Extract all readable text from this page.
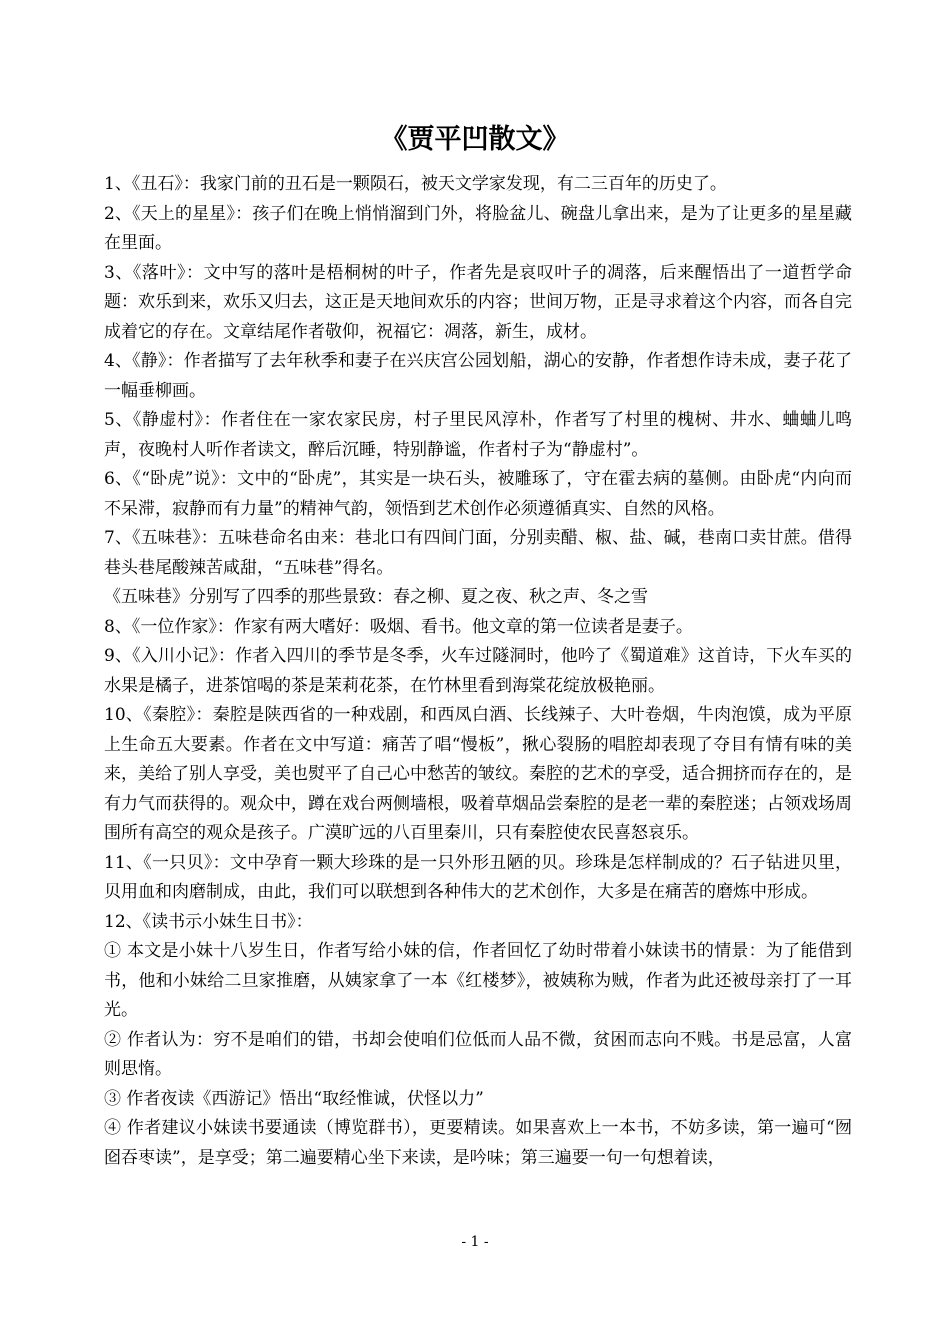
《贾平凹散文》

1、《丑石》：我家门前的丑石是一颗陨石，被天文学家发现，有二三百年的历史了。

2、《天上的星星》：孩子们在晚上悄悄溜到门外，将脸盆儿、碗盘儿拿出来，是为了让更多的星星藏在里面。

3、《落叶》：文中写的落叶是梧桐树的叶子，作者先是哀叹叶子的凋落，后来醒悟出了一道哲学命题：欢乐到来，欢乐又归去，这正是天地间欢乐的内容；世间万物，正是寻求着这个内容，而各自完成着它的存在。文章结尾作者敬仰，祝福它：凋落，新生，成材。

4、《静》：作者描写了去年秋季和妻子在兴庆宫公园划船，湖心的安静，作者想作诗未成，妻子花了一幅垂柳画。

5、《静虚村》：作者住在一家农家民房，村子里民风淳朴，作者写了村里的槐树、井水、蛐蛐儿鸣声，夜晚村人听作者读文，醉后沉睡，特别静谧，作者村子为“静虚村”。

6、《“卧虎”说》：文中的“卧虎”，其实是一块石头，被雕琢了，守在霍去病的墓侧。由卧虎“内向而不呆滞，寂静而有力量”的精神气韵，领悟到艺术创作必须遵循真实、自然的风格。

7、《五味巷》：五味巷命名由来：巷北口有四间门面，分别卖醋、椒、盐、碱，巷南口卖甘蔗。借得巷头巷尾酸辣苦咸甜，“五味巷”得名。

《五味巷》分别写了四季的那些景致：春之柳、夏之夜、秋之声、冬之雪

8、《一位作家》：作家有两大嗜好：吸烟、看书。他文章的第一位读者是妻子。

9、《入川小记》：作者入四川的季节是冬季，火车过隧洞时，他吟了《蜀道难》这首诗，下火车买的水果是橘子，进茶馆喝的茶是茉莉花茶，在竹林里看到海棠花绽放极艳丽。

10、《秦腔》：秦腔是陕西省的一种戏剧，和西凤白酒、长线辣子、大叶卷烟，牛肉泡馍，成为平原上生命五大要素。作者在文中写道：痛苦了唱“慢板”，揪心裂肠的唱腔却表现了夺目有情有味的美来，美给了别人享受，美也熨平了自己心中愁苦的皱纹。秦腔的艺术的享受，适合拥挤而存在的，是有力气而获得的。观众中，蹲在戏台两侧墙根，吸着草烟品尝秦腔的是老一辈的秦腔迷；占领戏场周围所有高空的观众是孩子。广漠旷远的八百里秦川，只有秦腔使农民喜怒哀乐。

11、《一只贝》：文中孕育一颗大珍珠的是一只外形丑陋的贝。珍珠是怎样制成的？石子钻进贝里，贝用血和肉磨制成，由此，我们可以联想到各种伟大的艺术创作，大多是在痛苦的磨炼中形成。

12、《读书示小妹生日书》：

① 本文是小妹十八岁生日，作者写给小妹的信，作者回忆了幼时带着小妹读书的情景：为了能借到书，他和小妹给二旦家推磨，从姨家拿了一本《红楼梦》，被姨称为贼，作者为此还被母亲打了一耳光。

② 作者认为：穷不是咱们的错，书却会使咱们位低而人品不微，贫困而志向不贱。书是忌富，人富则思惰。

③ 作者夜读《西游记》悟出“取经惟诚，伏怪以力”

④ 作者建议小妹读书要通读（博览群书），更要精读。如果喜欢上一本书，不妨多读，第一遍可“囫囵吞枣读”，是享受；第二遍要精心坐下来读，是吟味；第三遍要一句一句想着读，

- 1 -
